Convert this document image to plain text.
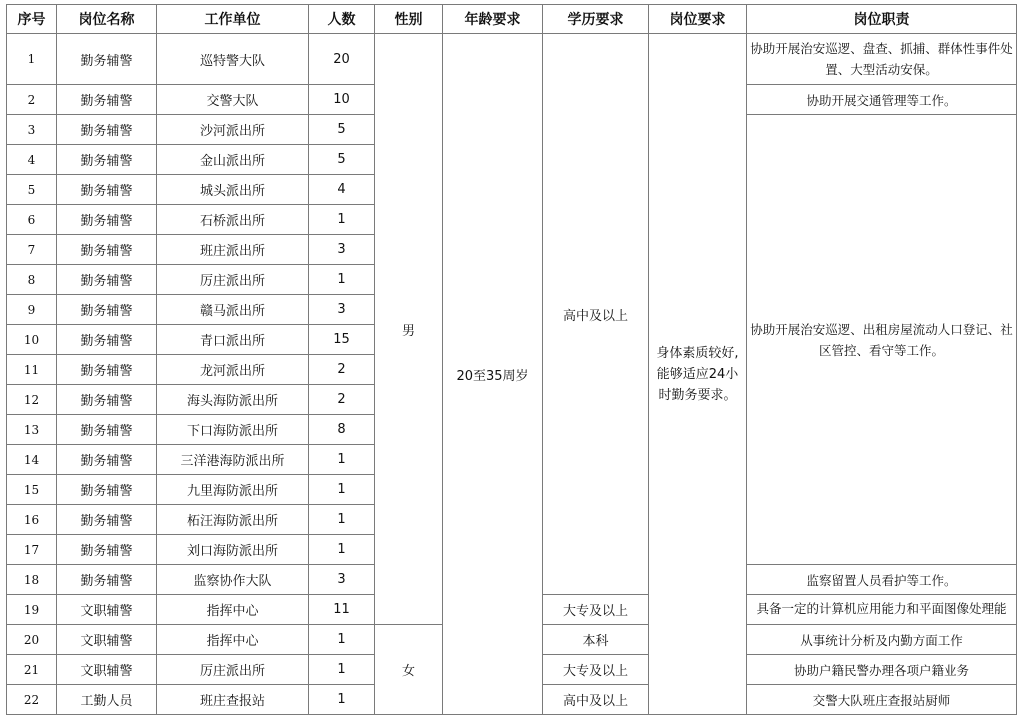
序号	岗位名称	工作单位	人数	性别	年龄要求	学历要求	岗位要求	岗位职责
1	勤务辅警	巡特警大队	20	男	20至35周岁	高中及以上	身体素质较好,能够适应24小时勤务要求。	协助开展治安巡逻、盘查、抓捕、群体性事件处置、大型活动安保。
2	勤务辅警	交警大队	10					协助开展交通管理等工作。
3	勤务辅警	沙河派出所	5					协助开展治安巡逻、出租房屋流动人口登记、社区管控、看守等工作。
4	勤务辅警	金山派出所	5					
5	勤务辅警	城头派出所	4					
6	勤务辅警	石桥派出所	1					
7	勤务辅警	班庄派出所	3					
8	勤务辅警	厉庄派出所	1					
9	勤务辅警	赣马派出所	3					
10	勤务辅警	青口派出所	15					
11	勤务辅警	龙河派出所	2					
12	勤务辅警	海头海防派出所	2					
13	勤务辅警	下口海防派出所	8					
14	勤务辅警	三洋港海防派出所	1					
15	勤务辅警	九里海防派出所	1					
16	勤务辅警	柘汪海防派出所	1					
17	勤务辅警	刘口海防派出所	1					
18	勤务辅警	监察协作大队	3					监察留置人员看护等工作。
19	文职辅警	指挥中心	11			大专及以上		具备一定的计算机应用能力和平面图像处理能
20	文职辅警	指挥中心	1	女		本科		从事统计分析及内勤方面工作
21	文职辅警	厉庄派出所	1			大专及以上		协助户籍民警办理各项户籍业务
22	工勤人员	班庄查报站	1			高中及以上		交警大队班庄查报站厨师
